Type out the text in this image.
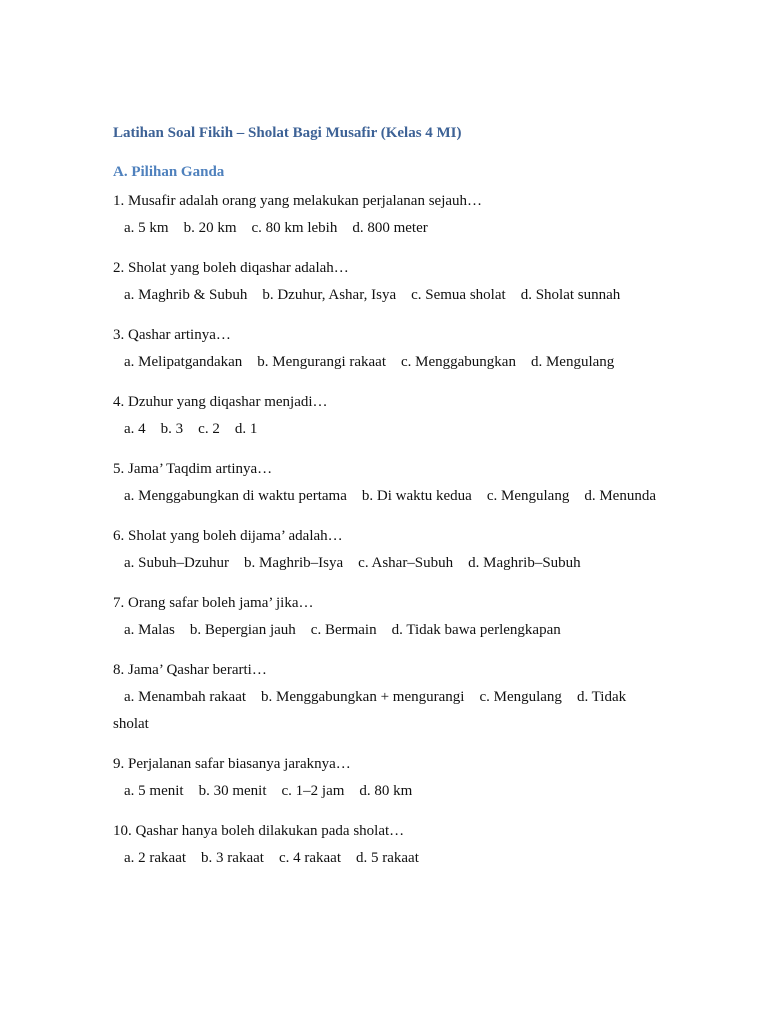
Latihan Soal Fikih – Sholat Bagi Musafir (Kelas 4 MI)
A. Pilihan Ganda
1. Musafir adalah orang yang melakukan perjalanan sejauh…
a. 5 km b. 20 km c. 80 km lebih d. 800 meter
2. Sholat yang boleh diqashar adalah…
a. Maghrib & Subuh b. Dzuhur, Ashar, Isya c. Semua sholat d. Sholat sunnah
3. Qashar artinya…
a. Melipatgandakan b. Mengurangi rakaat c. Menggabungkan d. Mengulang
4. Dzuhur yang diqashar menjadi…
a. 4 b. 3 c. 2 d. 1
5. Jama’ Taqdim artinya…
a. Menggabungkan di waktu pertama b. Di waktu kedua c. Mengulang d. Menunda
6. Sholat yang boleh dijama’ adalah…
a. Subuh–Dzuhur b. Maghrib–Isya c. Ashar–Subuh d. Maghrib–Subuh
7. Orang safar boleh jama’ jika…
a. Malas b. Bepergian jauh c. Bermain d. Tidak bawa perlengkapan
8. Jama’ Qashar berarti…
a. Menambah rakaat b. Menggabungkan + mengurangi c. Mengulang d. Tidak sholat
9. Perjalanan safar biasanya jaraknya…
a. 5 menit b. 30 menit c. 1–2 jam d. 80 km
10. Qashar hanya boleh dilakukan pada sholat…
a. 2 rakaat b. 3 rakaat c. 4 rakaat d. 5 rakaat
